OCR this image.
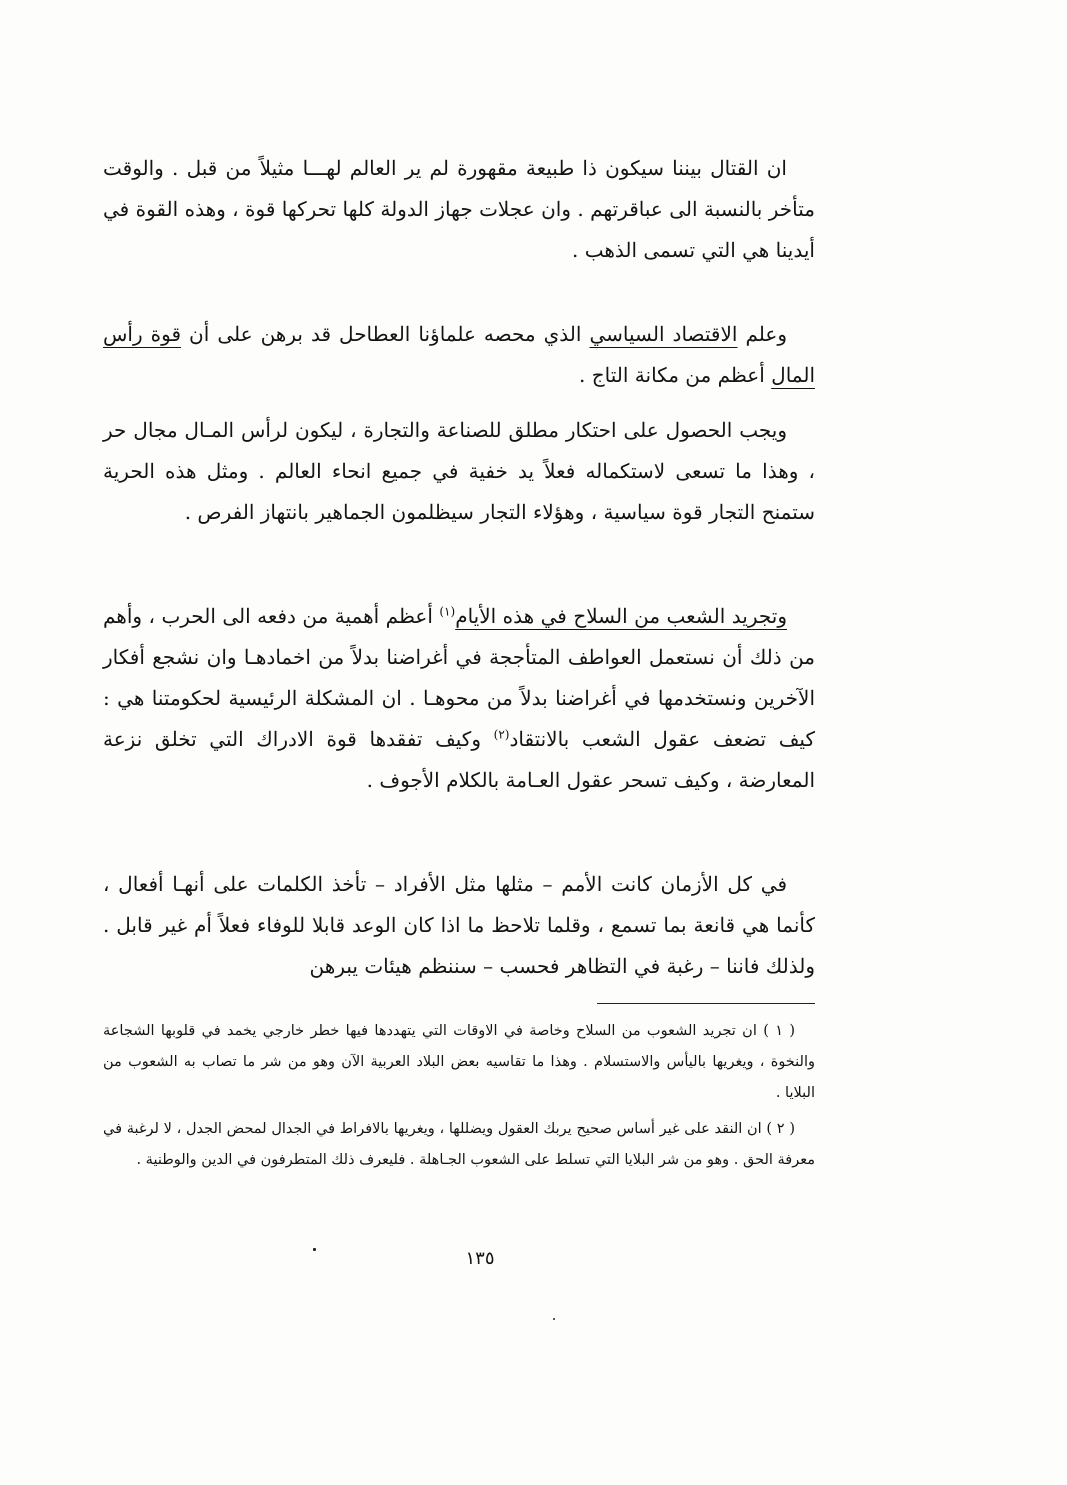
ان القتال بيننا سيكون ذا طبيعة مقهورة لم ير العالم لهـــا مثيلاً من قبل . والوقت متأخر بالنسبة الى عباقرتهم . وان عجلات جهاز الدولة كلها تحركها قوة ، وهذه القوة في أيدينا هي التي تسمى الذهب .

وعلم الاقتصاد السياسي الذي محصه علماؤنا العطاحل قد برهن على أن قوة رأس المال أعظم من مكانة التاج .

ويجب الحصول على احتكار مطلق للصناعة والتجارة ، ليكون لرأس المـال مجال حر ، وهذا ما تسعى لاستكماله فعلاً يد خفية في جميع انحاء العالم . ومثل هذه الحرية ستمنح التجار قوة سياسية ، وهؤلاء التجار سيظلمون الجماهير بانتهاز الفرص .

وتجريد الشعب من السلاح في هذه الأيام$^{(١)}$ أعظم أهمية من دفعه الى الحرب ، وأهم من ذلك أن نستعمل العواطف المتأججة في أغراضنا بدلاً من اخمادهـا وان نشجع أفكار الآخرين ونستخدمها في أغراضنا بدلاً من محوهـا . ان المشكلة الرئيسية لحكومتنا هي : كيف تضعف عقول الشعب بالانتقاد$^{(٢)}$ وكيف تفقدها قوة الادراك التي تخلق نزعة المعارضة ، وكيف تسحر عقول العـامة بالكلام الأجوف .

في كل الأزمان كانت الأمم – مثلها مثل الأفراد – تأخذ الكلمات على أنهـا أفعال ، كأنما هي قانعة بما تسمع ، وقلما تلاحظ ما اذا كان الوعد قابلا للوفاء فعلاً أم غير قابل . ولذلك فاننا – رغبة في التظاهر فحسب – سننظم هيئات يبرهن

( ١ ) ان تجريد الشعوب من السلاح وخاصة في الاوقات التي يتهددها فيها خطر خارجي يخمد في قلوبها الشجاعة والنخوة ، ويغريها باليأس والاستسلام . وهذا ما تقاسيه بعض البلاد العربية الآن وهو من شر ما تصاب به الشعوب من البلايا .

( ٢ ) ان النقد على غير أساس صحيح يربك العقول ويضللها ، ويغريها بالافراط في الجدال لمحض الجدل ، لا لرغبة في معرفة الحق . وهو من شر البلايا التي تسلط على الشعوب الجـاهلة . فليعرف ذلك المتطرفون في الدين والوطنية .

١٣٥
